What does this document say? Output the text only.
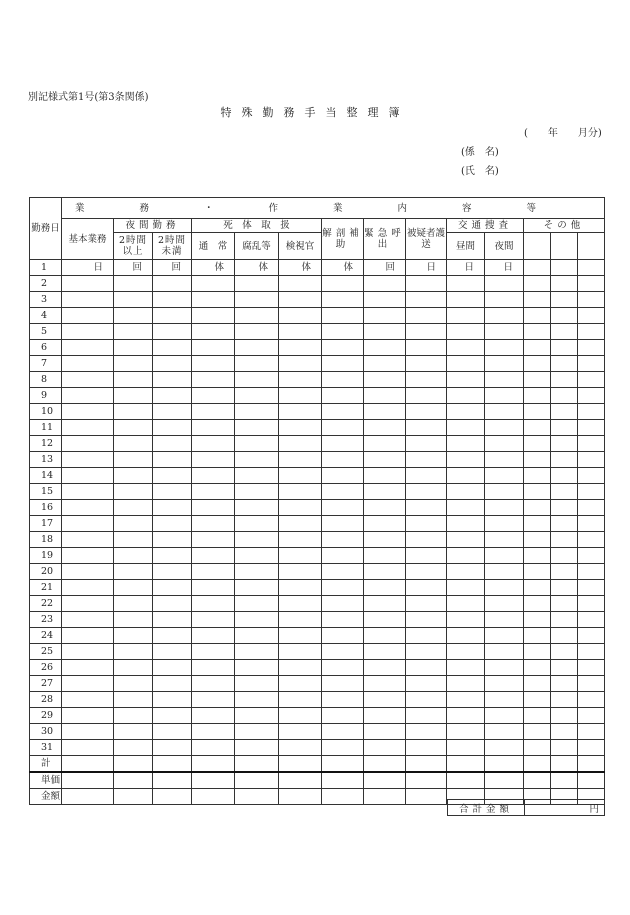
別記様式第1号(第3条関係)
特殊勤務手当整理簿
(　　年　　月分)
(係　名)
(氏　名)
勤務日	業務・作業内容等													
	基本業務	夜間勤務		死　体　取　扱			解剖補助	緊急呼出	被疑者護送	交通捜査		その他		
		2時間以上	2時間未満	通　常	腐乱等	検視官				昼間	夜間			
1	日	回	回	体	体	体	体	回	日	日	日			
2														
3														
4														
5														
6														
7														
8														
9														
10														
11														
12														
13														
14														
15														
16														
17														
18														
19														
20														
21														
22														
23														
24														
25														
26														
27														
28														
29														
30														
31														
計														
単価														
金額														
合計金額	円
